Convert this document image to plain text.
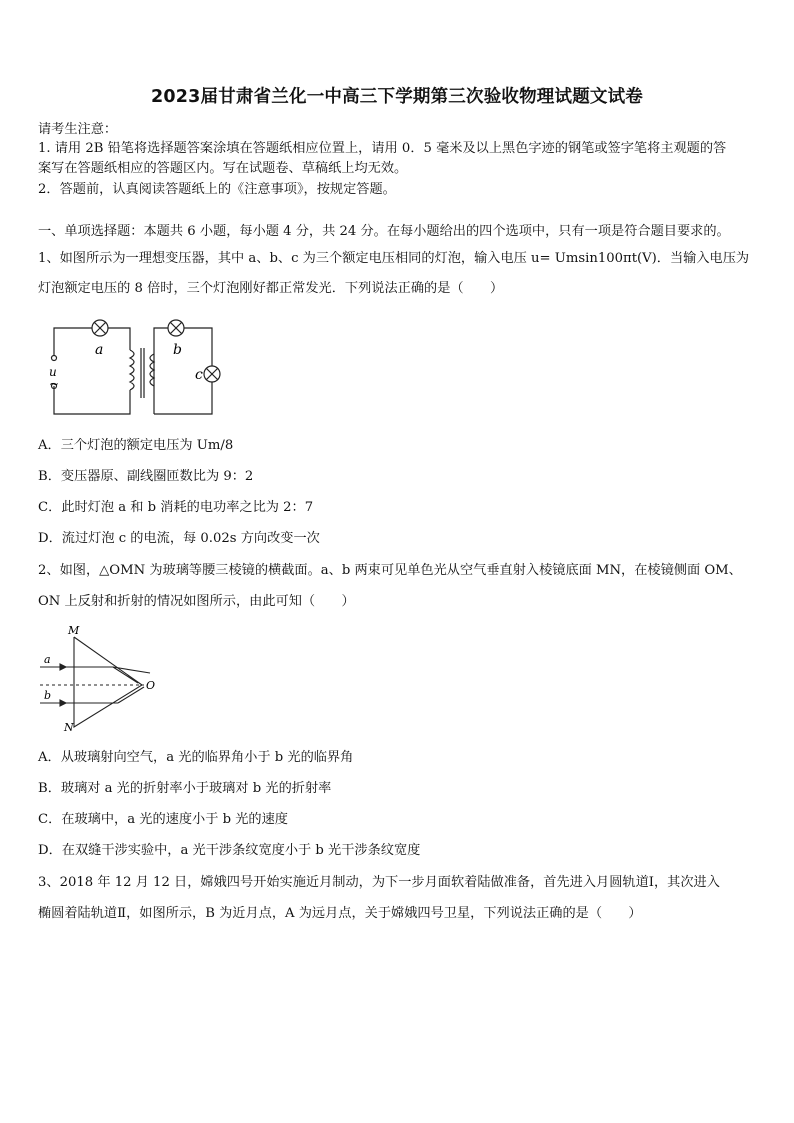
2023届甘肃省兰化一中高三下学期第三次验收物理试题文试卷
请考生注意：
1. 请用 2B 铅笔将选择题答案涂填在答题纸相应位置上，请用 0．5 毫米及以上黑色字迹的钢笔或签字笔将主观题的答
案写在答题纸相应的答题区内。写在试题卷、草稿纸上均无效。
2．答题前，认真阅读答题纸上的《注意事项》，按规定答题。
一、单项选择题：本题共 6 小题，每小题 4 分，共 24 分。在每小题给出的四个选项中，只有一项是符合题目要求的。
1、如图所示为一理想变压器，其中 a、b、c 为三个额定电压相同的灯泡，输入电压 u= Umsin100πt(V)．当输入电压为
灯泡额定电压的 8 倍时，三个灯泡刚好都正常发光．下列说法正确的是（　　）
a	b
c
u
~
A．三个灯泡的额定电压为 Um/8
B．变压器原、副线圈匝数比为 9：2
C．此时灯泡 a 和 b 消耗的电功率之比为 2：7
D．流过灯泡 c 的电流，每 0.02s 方向改变一次
2、如图，△OMN 为玻璃等腰三棱镜的横截面。a、b 两束可见单色光从空气垂直射入棱镜底面 MN，在棱镜侧面 OM、
ON 上反射和折射的情况如图所示，由此可知（　　）
M
N
O
a
b
A．从玻璃射向空气，a 光的临界角小于 b 光的临界角
B．玻璃对 a 光的折射率小于玻璃对 b 光的折射率
C．在玻璃中，a 光的速度小于 b 光的速度
D．在双缝干涉实验中，a 光干涉条纹宽度小于 b 光干涉条纹宽度
3、2018 年 12 月 12 日，嫦娥四号开始实施近月制动，为下一步月面软着陆做准备，首先进入月圆轨道Ⅰ，其次进入
椭圆着陆轨道Ⅱ，如图所示，B 为近月点，A 为远月点，关于嫦娥四号卫星，下列说法正确的是（　　）
